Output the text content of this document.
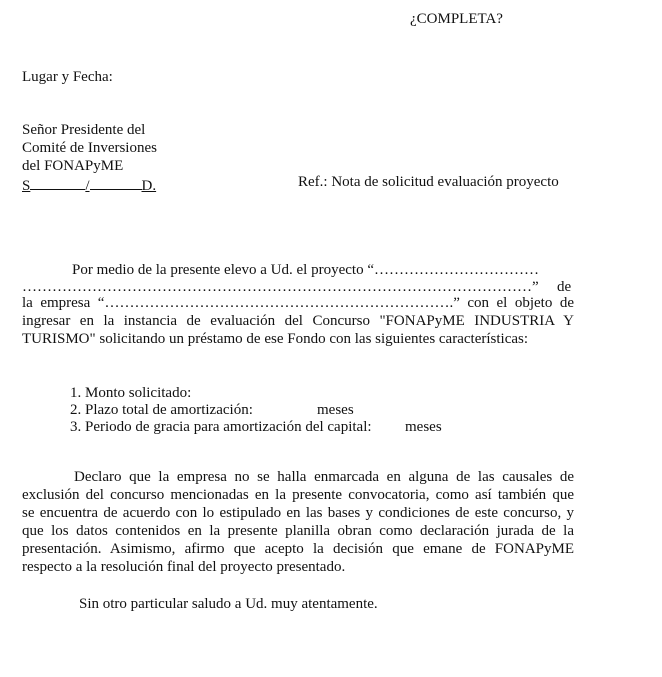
¿COMPLETA?
Lugar y Fecha:
Señor Presidente del
Comité de Inversiones
del FONAPyME
S	/	D.	Ref.: Nota de solicitud evaluación proyecto
Por medio de la presente elevo a Ud. el proyecto “……………………………
…………………………………………………………………………………………”	de
la empresa “…………………………………………………………….” con el objeto de
ingresar en la instancia de evaluación del Concurso "FONAPyME INDUSTRIA Y
TURISMO" solicitando un préstamo de ese Fondo con las siguientes características:
1. Monto solicitado:
2. Plazo total de amortización:	meses
3. Periodo de gracia para amortización del capital: meses
Declaro que la empresa no se halla enmarcada en alguna de las causales de
exclusión del concurso mencionadas en la presente convocatoria, como así también que
se encuentra de acuerdo con lo estipulado en las bases y condiciones de este concurso, y
que los datos contenidos en la presente planilla obran como declaración jurada de la
presentación. Asimismo, afirmo que acepto la decisión que emane de FONAPyME
respecto a la resolución final del proyecto presentado.
Sin otro particular saludo a Ud. muy atentamente.
